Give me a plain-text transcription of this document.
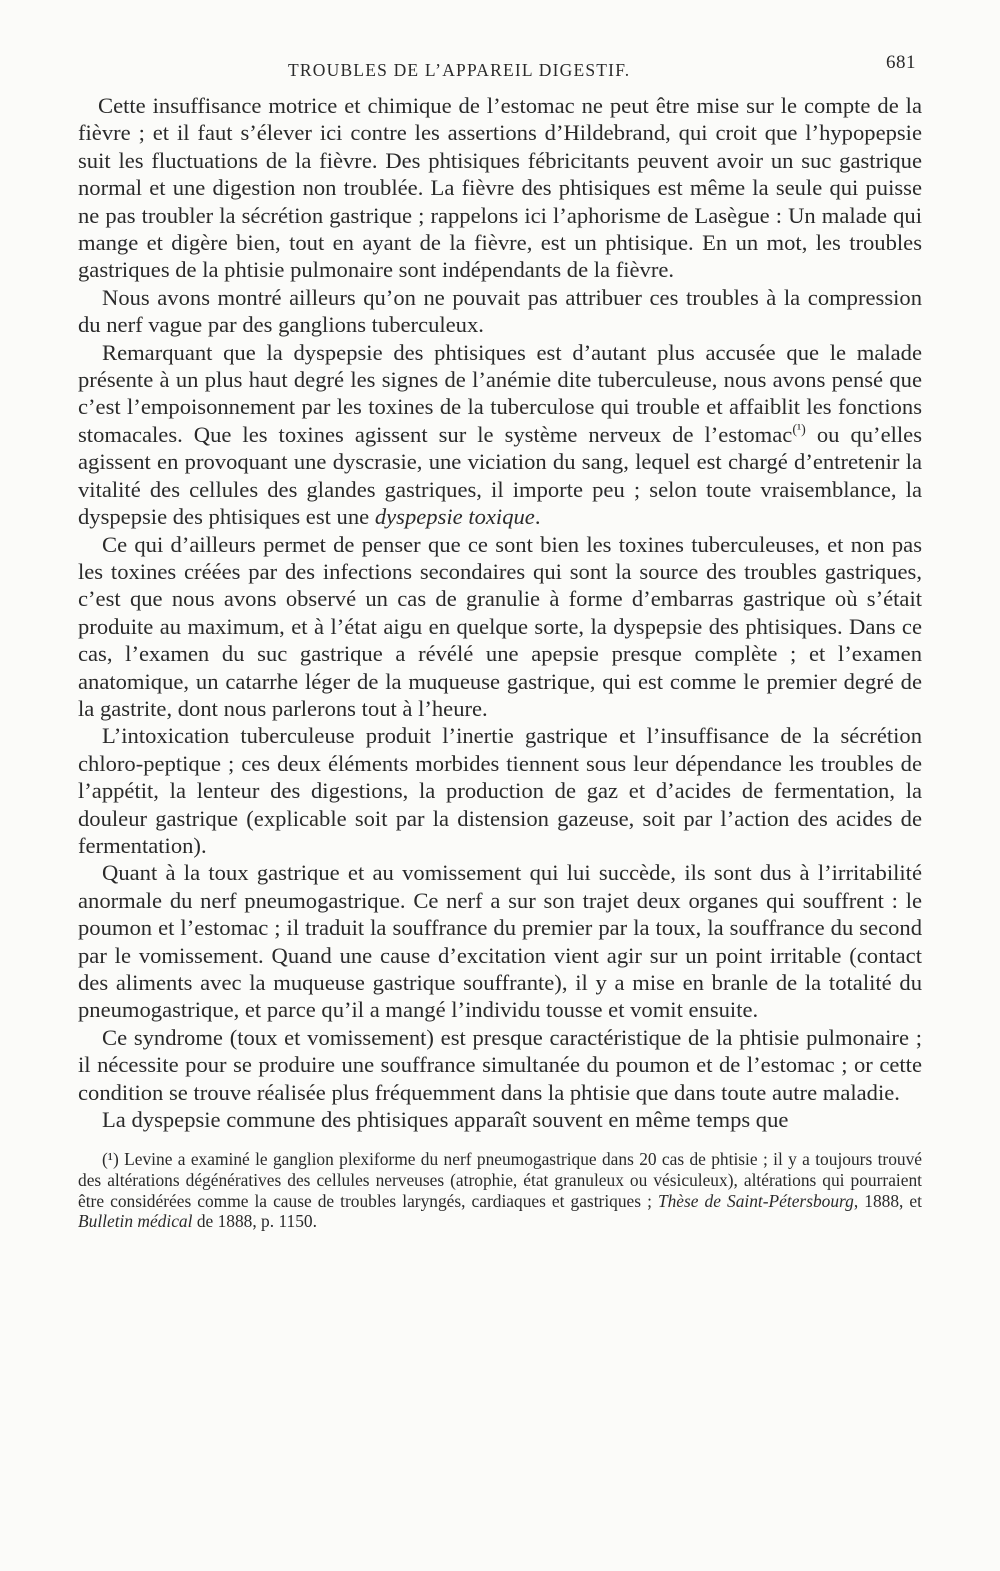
TROUBLES DE L’APPAREIL DIGESTIF.	681

Cette insuffisance motrice et chimique de l’estomac ne peut être mise sur le compte de la fièvre ; et il faut s’élever ici contre les assertions d’Hildebrand, qui croit que l’hypopepsie suit les fluctuations de la fièvre. Des phtisiques fébricitants peuvent avoir un suc gastrique normal et une digestion non troublée. La fièvre des phtisiques est même la seule qui puisse ne pas troubler la sécrétion gastrique ; rappelons ici l’aphorisme de Lasègue : Un malade qui mange et digère bien, tout en ayant de la fièvre, est un phtisique. En un mot, les troubles gastriques de la phtisie pulmonaire sont indépendants de la fièvre.

Nous avons montré ailleurs qu’on ne pouvait pas attribuer ces troubles à la compression du nerf vague par des ganglions tuberculeux.

Remarquant que la dyspepsie des phtisiques est d’autant plus accusée que le malade présente à un plus haut degré les signes de l’anémie dite tuberculeuse, nous avons pensé que c’est l’empoisonnement par les toxines de la tuberculose qui trouble et affaiblit les fonctions stomacales. Que les toxines agissent sur le système nerveux de l’estomac$^{(^1)}$ ou qu’elles agissent en provoquant une dyscrasie, une viciation du sang, lequel est chargé d’entretenir la vitalité des cellules des glandes gastriques, il importe peu ; selon toute vraisemblance, la dyspepsie des phtisiques est une dyspepsie toxique.

Ce qui d’ailleurs permet de penser que ce sont bien les toxines tuberculeuses, et non pas les toxines créées par des infections secondaires qui sont la source des troubles gastriques, c’est que nous avons observé un cas de granulie à forme d’embarras gastrique où s’était produite au maximum, et à l’état aigu en quelque sorte, la dyspepsie des phtisiques. Dans ce cas, l’examen du suc gastrique a révélé une apepsie presque complète ; et l’examen anatomique, un catarrhe léger de la muqueuse gastrique, qui est comme le premier degré de la gastrite, dont nous parlerons tout à l’heure.

L’intoxication tuberculeuse produit l’inertie gastrique et l’insuffisance de la sécrétion chloro-peptique ; ces deux éléments morbides tiennent sous leur dépendance les troubles de l’appétit, la lenteur des digestions, la production de gaz et d’acides de fermentation, la douleur gastrique (explicable soit par la distension gazeuse, soit par l’action des acides de fermentation).

Quant à la toux gastrique et au vomissement qui lui succède, ils sont dus à l’irritabilité anormale du nerf pneumogastrique. Ce nerf a sur son trajet deux organes qui souffrent : le poumon et l’estomac ; il traduit la souffrance du premier par la toux, la souffrance du second par le vomissement. Quand une cause d’excitation vient agir sur un point irritable (contact des aliments avec la muqueuse gastrique souffrante), il y a mise en branle de la totalité du pneumogastrique, et parce qu’il a mangé l’individu tousse et vomit ensuite.

Ce syndrome (toux et vomissement) est presque caractéristique de la phtisie pulmonaire ; il nécessite pour se produire une souffrance simultanée du poumon et de l’estomac ; or cette condition se trouve réalisée plus fréquemment dans la phtisie que dans toute autre maladie.

La dyspepsie commune des phtisiques apparaît souvent en même temps que

(¹) Levine a examiné le ganglion plexiforme du nerf pneumogastrique dans 20 cas de phtisie ; il y a toujours trouvé des altérations dégénératives des cellules nerveuses (atrophie, état granuleux ou vésiculeux), altérations qui pourraient être considérées comme la cause de troubles laryngés, cardiaques et gastriques ; Thèse de Saint-Pétersbourg, 1888, et Bulletin médical de 1888, p. 1150.
